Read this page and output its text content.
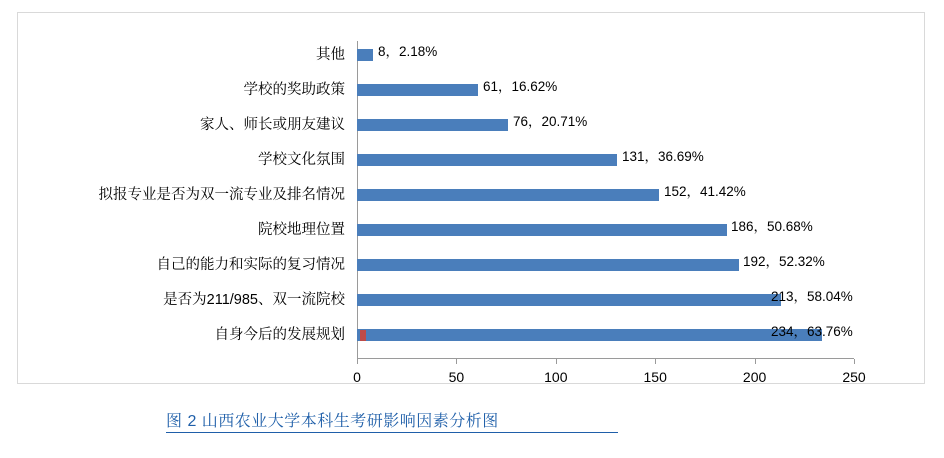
其他
学校的奖助政策
家人、师长或朋友建议
学校文化氛围
拟报专业是否为双一流专业及排名情况
院校地理位置
自己的能力和实际的复习情况
是否为211/985、双一流院校
自身今后的发展规划
8，2.18%
61，16.62%
76，20.71%
131，36.69%
152，41.42%
186，50.68%
192，52.32%
213，58.04%
234，63.76%
0	50	100	150	200	250
图 2 山西农业大学本科生考研影响因素分析图
